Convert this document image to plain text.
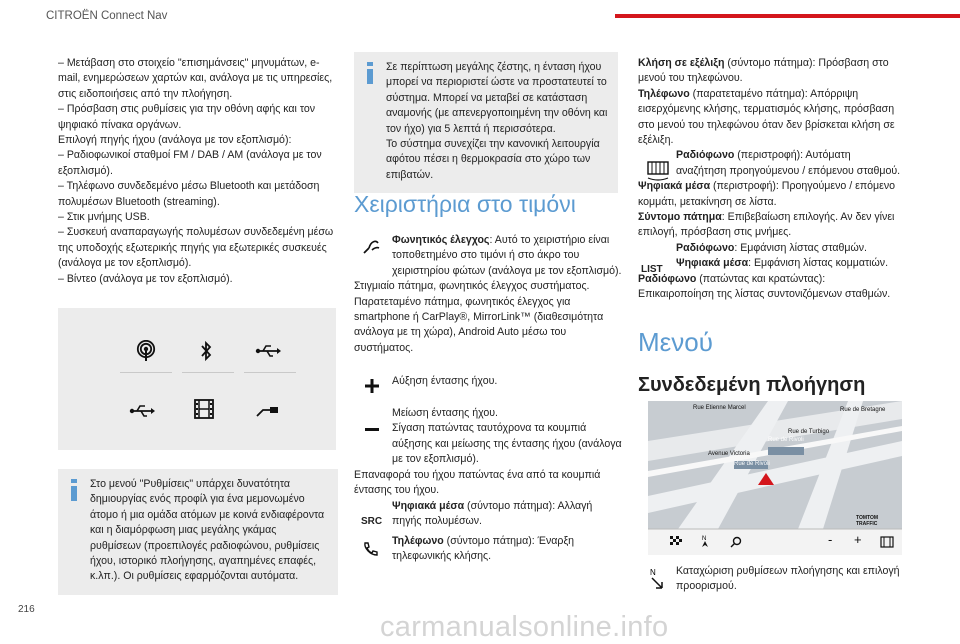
CITROËN Connect Nav

– Μετάβαση στο στοιχείο "επισημάνσεις" μηνυμάτων, e-mail, ενημερώσεων χαρτών και, ανάλογα με τις υπηρεσίες, στις ειδοποιήσεις από την πλοήγηση.

– Πρόσβαση στις ρυθμίσεις για την οθόνη αφής και τον ψηφιακό πίνακα οργάνων.

Επιλογή πηγής ήχου (ανάλογα με τον εξοπλισμό):

– Ραδιοφωνικοί σταθμοί FM / DAB / AM (ανάλογα με τον εξοπλισμό).

– Τηλέφωνο συνδεδεμένο μέσω Bluetooth και μετάδοση πολυμέσων Bluetooth (streaming).

– Στικ μνήμης USB.

– Συσκευή αναπαραγωγής πολυμέσων συνδεδεμένη μέσω της υποδοχής εξωτερικής πηγής για εξωτερικές συσκευές (ανάλογα με τον εξοπλισμό).

– Βίντεο (ανάλογα με τον εξοπλισμό).

Στο μενού "Ρυθμίσεις" υπάρχει δυνατότητα δημιουργίας ενός προφίλ για ένα μεμονωμένο άτομο ή μια ομάδα ατόμων με κοινά ενδιαφέροντα και η διαμόρφωση μιας μεγάλης γκάμας ρυθμίσεων (προεπιλογές ραδιοφώνου, ρυθμίσεις ήχου, ιστορικό πλοήγησης, αγαπημένες επαφές, κ.λπ.). Οι ρυθμίσεις εφαρμόζονται αυτόματα.
Σε περίπτωση μεγάλης ζέστης, η ένταση ήχου μπορεί να περιοριστεί ώστε να προστατευτεί το σύστημα. Μπορεί να μεταβεί σε κατάσταση αναμονής (με απενεργοποιημένη την οθόνη και τον ήχο) για 5 λεπτά ή περισσότερα.
Το σύστημα συνεχίζει την κανονική λειτουργία αφότου πέσει η θερμοκρασία στο χώρο των επιβατών.
Χειριστήρια στο τιμόνι

Φωνητικός έλεγχος: Αυτό το χειριστήριο είναι τοποθετημένο στο τιμόνι ή στο άκρο του χειριστηρίου φώτων (ανάλογα με τον εξοπλισμό).

Στιγμιαίο πάτημα, φωνητικός έλεγχος συστήματος.

Παρατεταμένο πάτημα, φωνητικός έλεγχος για smartphone ή CarPlay®, MirrorLink™ (διαθεσιμότητα ανάλογα με τη χώρα), Android Auto μέσω του συστήματος.

Αύξηση έντασης ήχου.

Μείωση έντασης ήχου.

Σίγαση πατώντας ταυτόχρονα τα κουμπιά αύξησης και μείωσης της έντασης ήχου (ανάλογα με τον εξοπλισμό).

Επαναφορά του ήχου πατώντας ένα από τα κουμπιά έντασης του ήχου.

SRC

Ψηφιακά μέσα (σύντομο πάτημα): Αλλαγή πηγής πολυμέσων.

Τηλέφωνο (σύντομο πάτημα): Έναρξη τηλεφωνικής κλήσης.

Κλήση σε εξέλιξη (σύντομο πάτημα): Πρόσβαση στο μενού του τηλεφώνου.

Τηλέφωνο (παρατεταμένο πάτημα): Απόρριψη εισερχόμενης κλήσης, τερματισμός κλήσης, πρόσβαση στο μενού του τηλεφώνου όταν δεν βρίσκεται κλήση σε εξέλιξη.

Ραδιόφωνο (περιστροφή): Αυτόματη αναζήτηση προηγούμενου / επόμενου σταθμού.

Ψηφιακά μέσα (περιστροφή): Προηγούμενο / επόμενο κομμάτι, μετακίνηση σε λίστα.

Σύντομο πάτημα: Επιβεβαίωση επιλογής. Αν δεν γίνει επιλογή, πρόσβαση στις μνήμες.

Ραδιόφωνο: Εμφάνιση λίστας σταθμών.

Ψηφιακά μέσα: Εμφάνιση λίστας κομματιών.

Ραδιόφωνο (πατώντας και κρατώντας): Επικαιροποίηση της λίστας συντονιζόμενων σταθμών.

LIST
Μενού
Συνδεδεμένη πλοήγηση
Rue Etienne Marcel	Rue de Bretagne
Rue de Turbigo
Avenue Victoria
Rue de Rivoli
Rue de Rivoli
TOMTOM TRAFFIC
N	- +
N Καταχώριση ρυθμίσεων πλοήγησης και επιλογή προορισμού.
216
carmanualsonline.info
